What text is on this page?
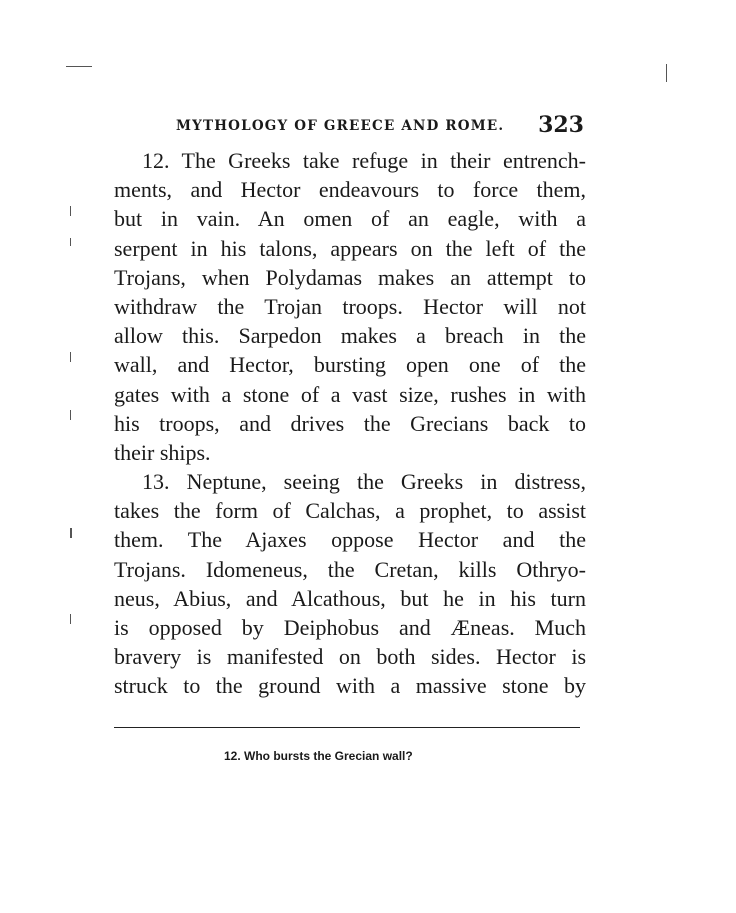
MYTHOLOGY OF GREECE AND ROME. 323
12. The Greeks take refuge in their entrench-
ments, and Hector endeavours to force them,
but in vain. An omen of an eagle, with a
serpent in his talons, appears on the left of the
Trojans, when Polydamas makes an attempt to
withdraw the Trojan troops. Hector will not
allow this. Sarpedon makes a breach in the
wall, and Hector, bursting open one of the
gates with a stone of a vast size, rushes in with
his troops, and drives the Grecians back to
their ships.
13. Neptune, seeing the Greeks in distress,
takes the form of Calchas, a prophet, to assist
them. The Ajaxes oppose Hector and the
Trojans. Idomeneus, the Cretan, kills Othryo-
neus, Abius, and Alcathous, but he in his turn
is opposed by Deiphobus and Æneas. Much
bravery is manifested on both sides. Hector is
struck to the ground with a massive stone by
12. Who bursts the Grecian wall?
